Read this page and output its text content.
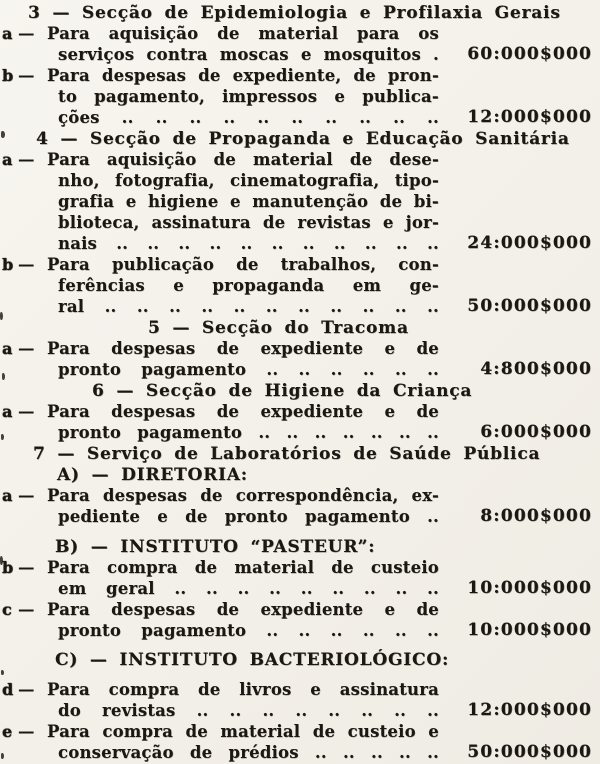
3 — Secção de Epidemiologia e Profilaxia Gerais
a — Para aquisição de material para os
serviços contra moscas e mosquitos . 60:000$000
b — Para despesas de expediente, de pron-
to pagamento, impressos e publica-
ções .. .. .. .. .. .. .. .. .. .. 12:000$000
4 — Secção de Propaganda e Educação Sanitária
a — Para aquisição de material de dese-
nho, fotografia, cinematografia, tipo-
grafia e higiene e manutenção de bi-
blioteca, assinatura de revistas e jor-
nais .. .. .. .. .. .. .. .. .. .. .. 24:000$000
b — Para publicação de trabalhos, con-
ferências e propaganda em ge-
ral .. .. .. .. .. .. .. .. .. .. .. 50:000$000
5 — Secção do Tracoma
a — Para despesas de expediente e de
pronto pagamento .. .. .. .. .. .. 4:800$000
6 — Secção de Higiene da Criança
a — Para despesas de expediente e de
pronto pagamento .. .. .. .. .. .. .. 6:000$000
7 — Serviço de Laboratórios de Saúde Pública
A) — DIRETORIA:
a — Para despesas de correspondência, ex-
pediente e de pronto pagamento .. 8:000$000
B) — INSTITUTO “PASTEUR”:
b — Para compra de material de custeio
em geral .. .. .. .. .. .. .. .. .. 10:000$000
c — Para despesas de expediente e de
pronto pagamento .. .. .. .. .. .. 10:000$000
C) — INSTITUTO BACTERIOLÓGICO:
d — Para compra de livros e assinatura
do revistas .. .. .. .. .. .. .. .. 12:000$000
e — Para compra de material de custeio e
conservação de prédios .. .. .. .. .. 50:000$000
